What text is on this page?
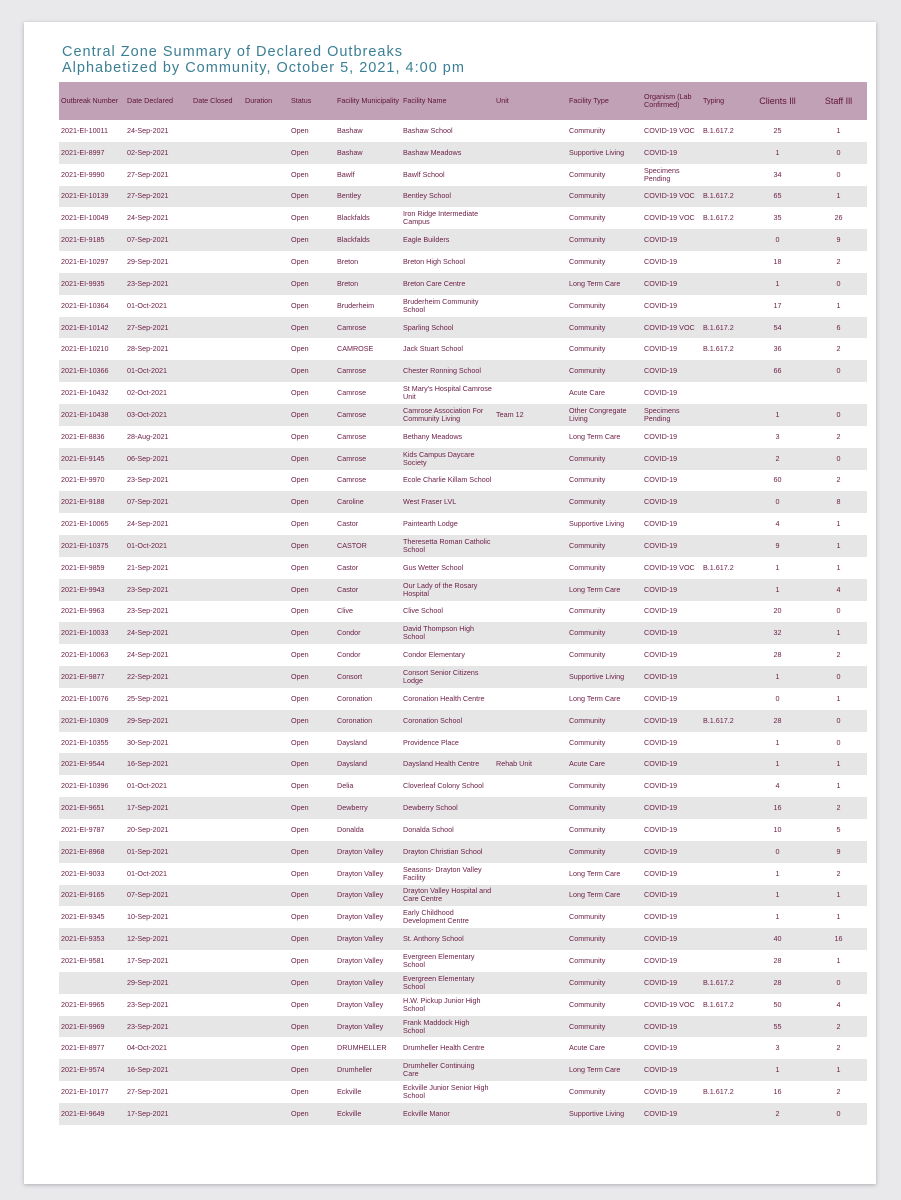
Central Zone Summary of Declared Outbreaks
Alphabetized by Community, October 5, 2021, 4:00 pm
Outbreak Number	Date Declared	Date Closed	Duration	Status	Facility Municipality	Facility Name	Unit	Facility Type	Organism (Lab Confirmed)	Typing	Clients Ill	Staff Ill
2021-EI-10011	24-Sep-2021			Open	Bashaw	Bashaw School		Community	COVID-19 VOC	B.1.617.2	25	1
2021-EI-8997	02-Sep-2021			Open	Bashaw	Bashaw Meadows		Supportive Living	COVID-19		1	0
2021-EI-9990	27-Sep-2021			Open	Bawlf	Bawlf School		Community	Specimens Pending		34	0
2021-EI-10139	27-Sep-2021			Open	Bentley	Bentley School		Community	COVID-19 VOC	B.1.617.2	65	1
2021-EI-10049	24-Sep-2021			Open	Blackfalds	Iron Ridge Intermediate Campus		Community	COVID-19 VOC	B.1.617.2	35	26
2021-EI-9185	07-Sep-2021			Open	Blackfalds	Eagle Builders		Community	COVID-19		0	9
2021-EI-10297	29-Sep-2021			Open	Breton	Breton High School		Community	COVID-19		18	2
2021-EI-9935	23-Sep-2021			Open	Breton	Breton Care Centre		Long Term Care	COVID-19		1	0
2021-EI-10364	01-Oct-2021			Open	Bruderheim	Bruderheim Community School		Community	COVID-19		17	1
2021-EI-10142	27-Sep-2021			Open	Camrose	Sparling School		Community	COVID-19 VOC	B.1.617.2	54	6
2021-EI-10210	28-Sep-2021			Open	CAMROSE	Jack Stuart School		Community	COVID-19	B.1.617.2	36	2
2021-EI-10366	01-Oct-2021			Open	Camrose	Chester Ronning School		Community	COVID-19		66	0
2021-EI-10432	02-Oct-2021			Open	Camrose	St Mary's Hospital Camrose Unit		Acute Care	COVID-19			
2021-EI-10438	03-Oct-2021			Open	Camrose	Camrose Association For Community Living	Team 12	Other Congregate Living	Specimens Pending		1	0
2021-EI-8836	28-Aug-2021			Open	Camrose	Bethany Meadows		Long Term Care	COVID-19		3	2
2021-EI-9145	06-Sep-2021			Open	Camrose	Kids Campus Daycare Society		Community	COVID-19		2	0
2021-EI-9970	23-Sep-2021			Open	Camrose	Ecole Charlie Killam School		Community	COVID-19		60	2
2021-EI-9188	07-Sep-2021			Open	Caroline	West Fraser LVL		Community	COVID-19		0	8
2021-EI-10065	24-Sep-2021			Open	Castor	Paintearth Lodge		Supportive Living	COVID-19		4	1
2021-EI-10375	01-Oct-2021			Open	CASTOR	Theresetta Roman Catholic School		Community	COVID-19		9	1
2021-EI-9859	21-Sep-2021			Open	Castor	Gus Wetter School		Community	COVID-19 VOC	B.1.617.2	1	1
2021-EI-9943	23-Sep-2021			Open	Castor	Our Lady of the Rosary Hospital		Long Term Care	COVID-19		1	4
2021-EI-9963	23-Sep-2021			Open	Clive	Clive School		Community	COVID-19		20	0
2021-EI-10033	24-Sep-2021			Open	Condor	David Thompson High School		Community	COVID-19		32	1
2021-EI-10063	24-Sep-2021			Open	Condor	Condor Elementary		Community	COVID-19		28	2
2021-EI-9877	22-Sep-2021			Open	Consort	Consort Senior Citizens Lodge		Supportive Living	COVID-19		1	0
2021-EI-10076	25-Sep-2021			Open	Coronation	Coronation Health Centre		Long Term Care	COVID-19		0	1
2021-EI-10309	29-Sep-2021			Open	Coronation	Coronation School		Community	COVID-19	B.1.617.2	28	0
2021-EI-10355	30-Sep-2021			Open	Daysland	Providence Place		Community	COVID-19		1	0
2021-EI-9544	16-Sep-2021			Open	Daysland	Daysland Health Centre	Rehab Unit	Acute Care	COVID-19		1	1
2021-EI-10396	01-Oct-2021			Open	Delia	Cloverleaf Colony School		Community	COVID-19		4	1
2021-EI-9651	17-Sep-2021			Open	Dewberry	Dewberry School		Community	COVID-19		16	2
2021-EI-9787	20-Sep-2021			Open	Donalda	Donalda School		Community	COVID-19		10	5
2021-EI-8968	01-Sep-2021			Open	Drayton Valley	Drayton Christian School		Community	COVID-19		0	9
2021-EI-9033	01-Oct-2021			Open	Drayton Valley	Seasons- Drayton Valley Facility		Long Term Care	COVID-19		1	2
2021-EI-9165	07-Sep-2021			Open	Drayton Valley	Drayton Valley Hospital and Care Centre		Long Term Care	COVID-19		1	1
2021-EI-9345	10-Sep-2021			Open	Drayton Valley	Early Childhood Development Centre		Community	COVID-19		1	1
2021-EI-9353	12-Sep-2021			Open	Drayton Valley	St. Anthony School		Community	COVID-19		40	16
2021-EI-9581	17-Sep-2021			Open	Drayton Valley	Evergreen Elementary School		Community	COVID-19		28	1
	29-Sep-2021			Open	Drayton Valley	Evergreen Elementary School		Community	COVID-19	B.1.617.2	28	0
2021-EI-9965	23-Sep-2021			Open	Drayton Valley	H.W. Pickup Junior High School		Community	COVID-19 VOC	B.1.617.2	50	4
2021-EI-9969	23-Sep-2021			Open	Drayton Valley	Frank Maddock High School		Community	COVID-19		55	2
2021-EI-8977	04-Oct-2021			Open	DRUMHELLER	Drumheller Health Centre		Acute Care	COVID-19		3	2
2021-EI-9574	16-Sep-2021			Open	Drumheller	Drumheller Continuing Care		Long Term Care	COVID-19		1	1
2021-EI-10177	27-Sep-2021			Open	Eckville	Eckville Junior Senior High School		Community	COVID-19	B.1.617.2	16	2
2021-EI-9649	17-Sep-2021			Open	Eckville	Eckville Manor		Supportive Living	COVID-19		2	0
